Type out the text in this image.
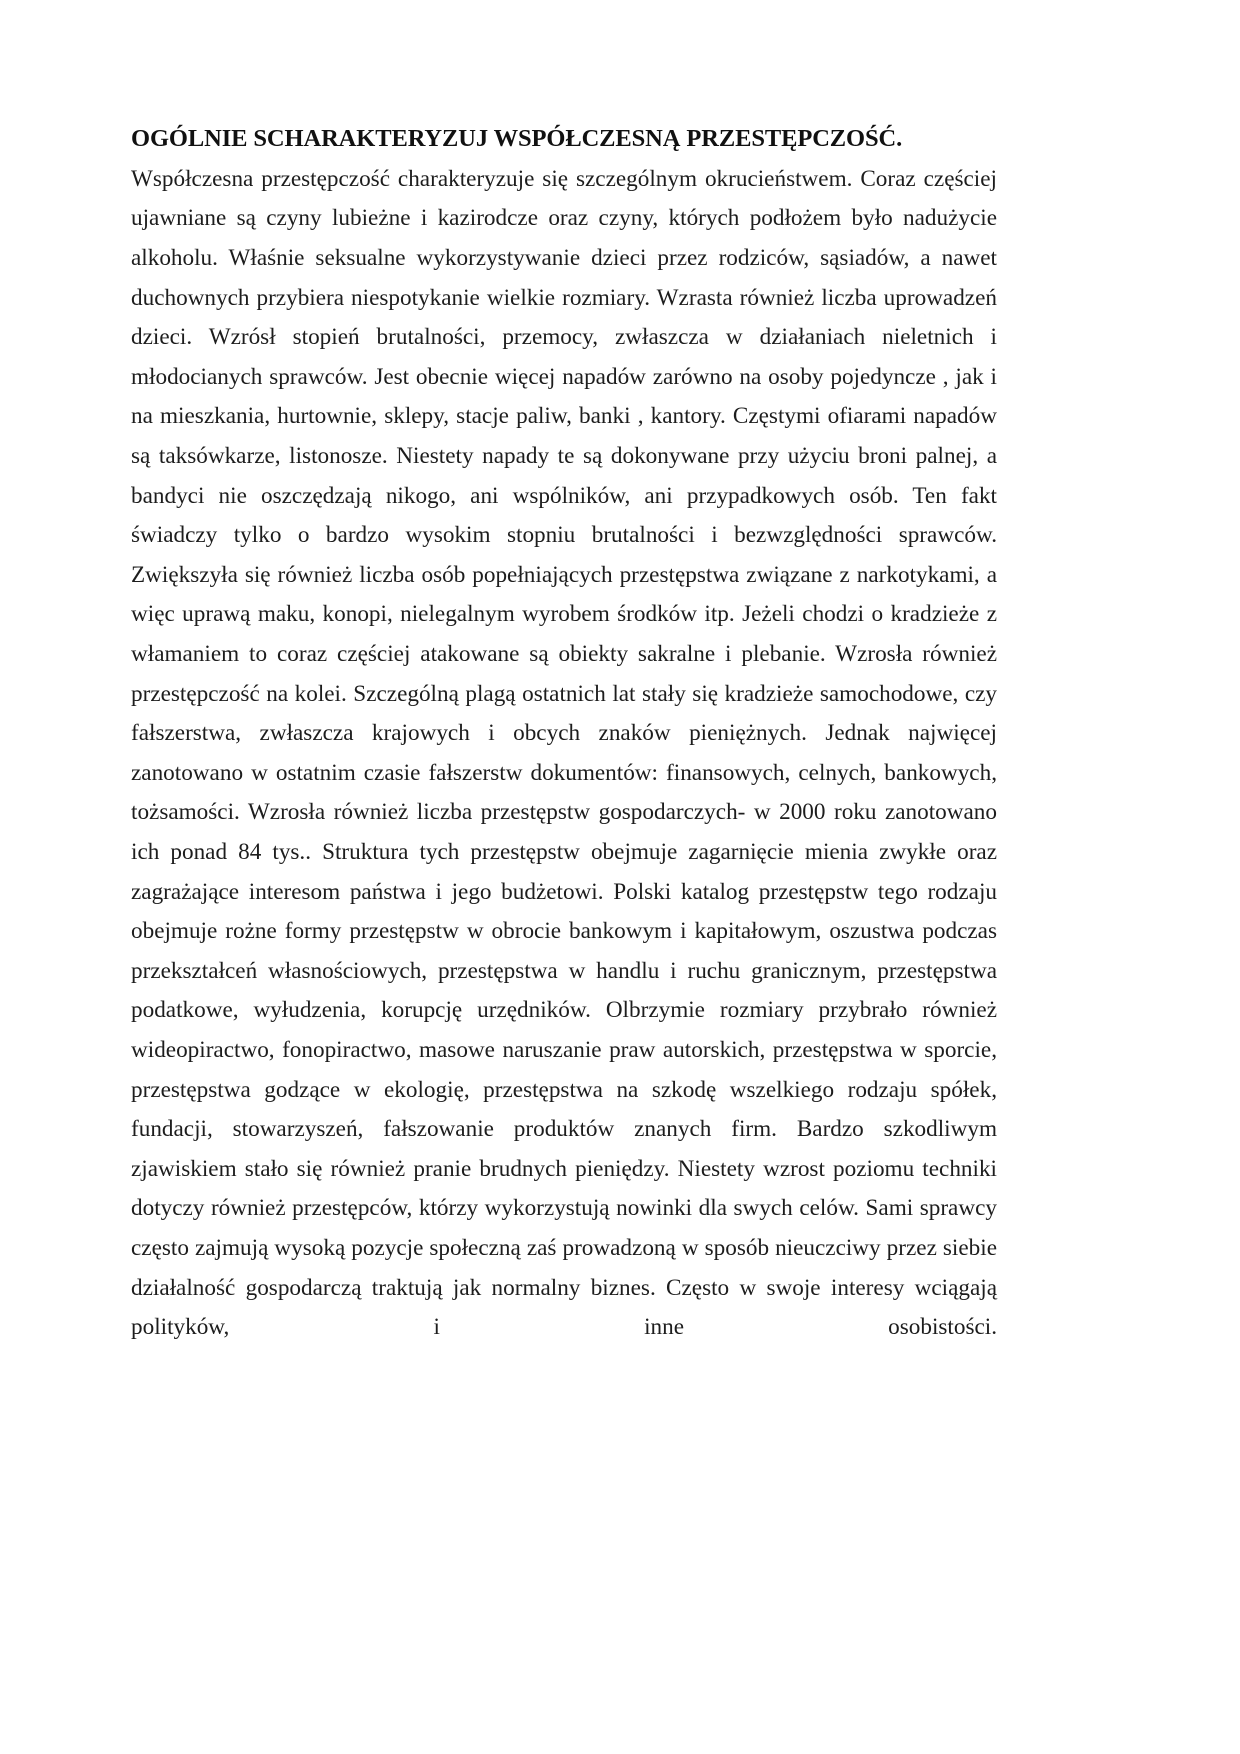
OGÓLNIE SCHARAKTERYZUJ WSPÓŁCZESNĄ PRZESTĘPCZOŚĆ.

Współczesna przestępczość charakteryzuje się szczególnym okrucieństwem. Coraz częściej ujawniane są czyny lubieżne i kazirodcze oraz czyny, których podłożem było nadużycie alkoholu. Właśnie seksualne wykorzystywanie dzieci przez rodziców, sąsiadów, a nawet duchownych przybiera niespotykanie wielkie rozmiary. Wzrasta również liczba uprowadzeń dzieci. Wzrósł stopień brutalności, przemocy, zwłaszcza w działaniach nieletnich i młodocianych sprawców. Jest obecnie więcej napadów zarówno na osoby pojedyncze , jak i na mieszkania, hurtownie, sklepy, stacje paliw, banki , kantory. Częstymi ofiarami napadów są taksówkarze, listonosze. Niestety napady te są dokonywane przy użyciu broni palnej, a bandyci nie oszczędzają nikogo, ani wspólników, ani przypadkowych osób. Ten fakt świadczy tylko o bardzo wysokim stopniu brutalności i bezwzględności sprawców. Zwiększyła się również liczba osób popełniających przestępstwa związane z narkotykami, a więc uprawą maku, konopi, nielegalnym wyrobem środków itp. Jeżeli chodzi o kradzieże z włamaniem to coraz częściej atakowane są obiekty sakralne i plebanie. Wzrosła również przestępczość na kolei. Szczególną plagą ostatnich lat stały się kradzieże samochodowe, czy fałszerstwa, zwłaszcza krajowych i obcych znaków pieniężnych. Jednak najwięcej zanotowano w ostatnim czasie fałszerstw dokumentów: finansowych, celnych, bankowych, tożsamości. Wzrosła również liczba przestępstw gospodarczych- w 2000 roku zanotowano ich ponad 84 tys.. Struktura tych przestępstw obejmuje zagarnięcie mienia zwykłe oraz zagrażające interesom państwa i jego budżetowi. Polski katalog przestępstw tego rodzaju obejmuje rożne formy przestępstw w obrocie bankowym i kapitałowym, oszustwa podczas przekształceń własnościowych, przestępstwa w handlu i ruchu granicznym, przestępstwa podatkowe, wyłudzenia, korupcję urzędników. Olbrzymie rozmiary przybrało również wideopiractwo, fonopiractwo, masowe naruszanie praw autorskich, przestępstwa w sporcie, przestępstwa godzące w ekologię, przestępstwa na szkodę wszelkiego rodzaju spółek, fundacji, stowarzyszeń, fałszowanie produktów znanych firm. Bardzo szkodliwym zjawiskiem stało się również pranie brudnych pieniędzy. Niestety wzrost poziomu techniki dotyczy również przestępców, którzy wykorzystują nowinki dla swych celów. Sami sprawcy często zajmują wysoką pozycje społeczną zaś prowadzoną w sposób nieuczciwy przez siebie działalność gospodarczą traktują jak normalny biznes. Często w swoje interesy wciągają polityków, i inne osobistości.
